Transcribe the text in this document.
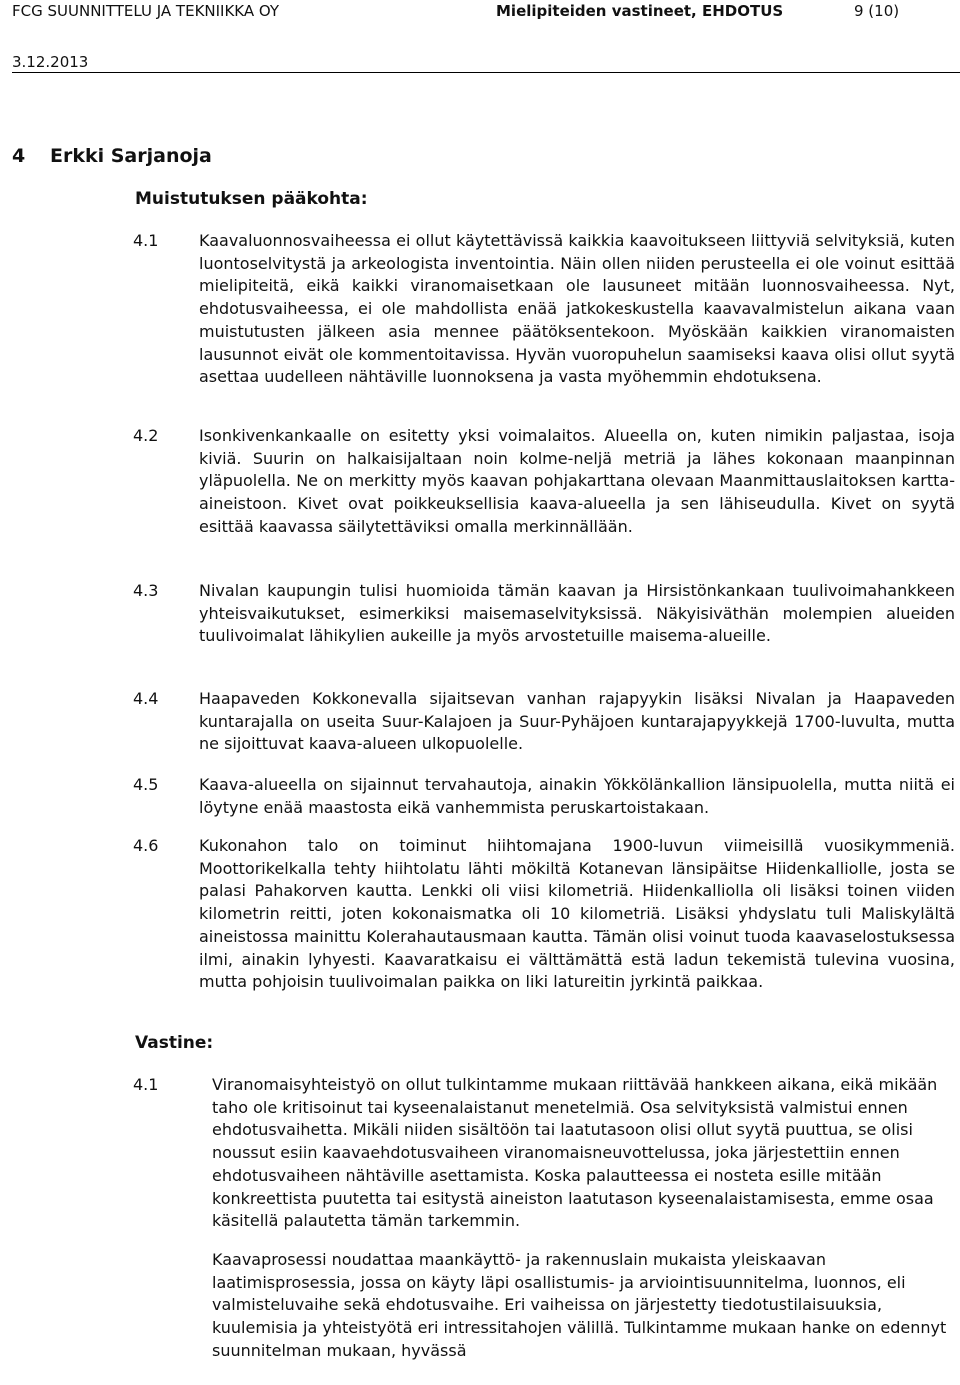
FCG SUUNNITTELU JA TEKNIIKKA OY	Mielipiteiden vastineet, EHDOTUS	9 (10)
3.12.2013
4 Erkki Sarjanoja
Muistutuksen pääkohta:
4.1	Kaavaluonnosvaiheessa ei ollut käytettävissä kaikkia kaavoitukseen liittyviä selvityksiä, kuten luontoselvitystä ja arkeologista inventointia. Näin ollen niiden perusteella ei ole voinut esittää mielipiteitä, eikä kaikki viranomaisetkaan ole lausuneet mitään luonnosvaiheessa. Nyt, ehdotusvaiheessa, ei ole mahdollista enää jatkokeskustella kaavavalmistelun aikana vaan muistutusten jälkeen asia mennee päätöksentekoon. Myöskään kaikkien viranomaisten lausunnot eivät ole kommentoitavissa. Hyvän vuoropuhelun saamiseksi kaava olisi ollut syytä asettaa uudelleen nähtäville luonnoksena ja vasta myöhemmin ehdotuksena.
4.2	Isonkivenkankaalle on esitetty yksi voimalaitos. Alueella on, kuten nimikin paljastaa, isoja kiviä. Suurin on halkaisijaltaan noin kolme-neljä metriä ja lähes kokonaan maanpinnan yläpuolella. Ne on merkitty myös kaavan pohjakarttana olevaan Maanmittauslaitoksen kartta-aineistoon. Kivet ovat poikkeuksellisia kaava-alueella ja sen lähiseudulla. Kivet on syytä esittää kaavassa säilytettäviksi omalla merkinnällään.
4.3	Nivalan kaupungin tulisi huomioida tämän kaavan ja Hirsistönkankaan tuulivoimahankkeen yhteisvaikutukset, esimerkiksi maisemaselvityksissä. Näkyisiväthän molempien alueiden tuulivoimalat lähikylien aukeille ja myös arvostetuille maisema-alueille.
4.4	Haapaveden Kokkonevalla sijaitsevan vanhan rajapyykin lisäksi Nivalan ja Haapaveden kuntarajalla on useita Suur-Kalajoen ja Suur-Pyhäjoen kuntarajapyykkejä 1700-luvulta, mutta ne sijoittuvat kaava-alueen ulkopuolelle.
4.5	Kaava-alueella on sijainnut tervahautoja, ainakin Yökkölänkallion länsipuolella, mutta niitä ei löytyne enää maastosta eikä vanhemmista peruskartoistakaan.
4.6	Kukonahon talo on toiminut hiihtomajana 1900-luvun viimeisillä vuosikymmeniä. Moottorikelkalla tehty hiihtolatu lähti mökiltä Kotanevan länsipäitse Hiidenkalliolle, josta se palasi Pahakorven kautta. Lenkki oli viisi kilometriä. Hiidenkalliolla oli lisäksi toinen viiden kilometrin reitti, joten kokonaismatka oli 10 kilometriä. Lisäksi yhdyslatu tuli Maliskylältä aineistossa mainittu Kolerahautausmaan kautta. Tämän olisi voinut tuoda kaavaselostuksessa ilmi, ainakin lyhyesti. Kaavaratkaisu ei välttämättä estä ladun tekemistä tulevina vuosina, mutta pohjoisin tuulivoimalan paikka on liki latureitin jyrkintä paikkaa.
Vastine:
4.1	Viranomaisyhteistyö on ollut tulkintamme mukaan riittävää hankkeen aikana, eikä mikään taho ole kritisoinut tai kyseenalaistanut menetelmiä. Osa selvityksistä valmistui ennen ehdotusvaihetta. Mikäli niiden sisältöön tai laatutasoon olisi ollut syytä puuttua, se olisi noussut esiin kaavaehdotusvaiheen viranomaisneuvottelussa, joka järjestettiin ennen ehdotusvaiheen nähtäville asettamista. Koska palautteessa ei nosteta esille mitään konkreettista puutetta tai esitystä aineiston laatutason kyseenalaistamisesta, emme osaa käsitellä palautetta tämän tarkemmin.

Kaavaprosessi noudattaa maankäyttö- ja rakennuslain mukaista yleiskaavan laatimisprosessia, jossa on käyty läpi osallistumis- ja arviointisuunnitelma, luonnos, eli valmisteluvaihe sekä ehdotusvaihe. Eri vaiheissa on järjestetty tiedotustilaisuuksia, kuulemisia ja yhteistyötä eri intressitahojen välillä. Tulkintamme mukaan hanke on edennyt suunnitelman mukaan, hyvässä
